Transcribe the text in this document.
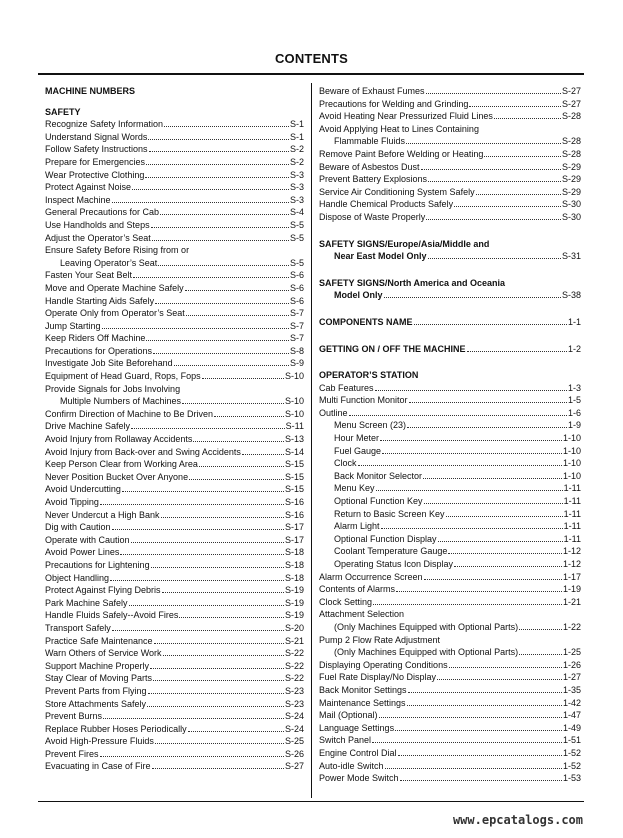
CONTENTS
MACHINE NUMBERS
SAFETY
Recognize Safety Information	S-1
Understand Signal Words	S-1
Follow Safety Instructions	S-2
Prepare for Emergencies	S-2
Wear Protective Clothing	S-3
Protect Against Noise	S-3
Inspect Machine	S-3
General Precautions for Cab	S-4
Use Handholds and Steps	S-5
Adjust the Operator’s Seat	S-5
Ensure Safety Before Rising from or
Leaving Operator’s Seat	S-5
Fasten Your Seat Belt	S-6
Move and Operate Machine Safely	S-6
Handle Starting Aids Safely	S-6
Operate Only from Operator’s Seat	S-7
Jump Starting	S-7
Keep Riders Off Machine	S-7
Precautions for Operations	S-8
Investigate Job Site Beforehand	S-9
Equipment of Head Guard, Rops, Fops	S-10
Provide Signals for Jobs Involving
Multiple Numbers of Machines	S-10
Confirm Direction of Machine to Be Driven	S-10
Drive Machine Safely	S-11
Avoid Injury from Rollaway Accidents	S-13
Avoid Injury from Back-over and Swing Accidents	S-14
Keep Person Clear from Working Area	S-15
Never Position Bucket Over Anyone	S-15
Avoid Undercutting	S-15
Avoid Tipping	S-16
Never Undercut a High Bank	S-16
Dig with Caution	S-17
Operate with Caution	S-17
Avoid Power Lines	S-18
Precautions for Lightening	S-18
Object Handling	S-18
Protect Against Flying Debris	S-19
Park Machine Safely	S-19
Handle Fluids Safely--Avoid Fires	S-19
Transport Safely	S-20
Practice Safe Maintenance	S-21
Warn Others of Service Work	S-22
Support Machine Properly	S-22
Stay Clear of Moving Parts	S-22
Prevent Parts from Flying	S-23
Store Attachments Safely	S-23
Prevent Burns	S-24
Replace Rubber Hoses Periodically	S-24
Avoid High-Pressure Fluids	S-25
Prevent Fires	S-26
Evacuating in Case of Fire	S-27
Beware of Exhaust Fumes	S-27
Precautions for Welding and Grinding	S-27
Avoid Heating Near Pressurized Fluid Lines	S-28
Avoid Applying Heat to Lines Containing
Flammable Fluids	S-28
Remove Paint Before Welding or Heating	S-28
Beware of Asbestos Dust	S-29
Prevent Battery Explosions	S-29
Service Air Conditioning System Safely	S-29
Handle Chemical Products Safely	S-30
Dispose of Waste Properly	S-30
SAFETY SIGNS/Europe/Asia/Middle and
Near East Model Only	S-31
SAFETY SIGNS/North America and Oceania
Model Only	S-38
COMPONENTS NAME	1-1
GETTING ON / OFF THE MACHINE	1-2
OPERATOR’S STATION
Cab Features	1-3
Multi Function Monitor	1-5
Outline	1-6
Menu Screen (23)	1-9
Hour Meter	1-10
Fuel Gauge	1-10
Clock	1-10
Back Monitor Selector	1-10
Menu Key	1-11
Optional Function Key	1-11
Return to Basic Screen Key	1-11
Alarm Light	1-11
Optional Function Display	1-11
Coolant Temperature Gauge	1-12
Operating Status Icon Display	1-12
Alarm Occurrence Screen	1-17
Contents of Alarms	1-19
Clock Setting	1-21
Attachment Selection
(Only Machines Equipped with Optional Parts)	1-22
Pump 2 Flow Rate Adjustment
(Only Machines Equipped with Optional Parts)	1-25
Displaying Operating Conditions	1-26
Fuel Rate Display/No Display	1-27
Back Monitor Settings	1-35
Maintenance Settings	1-42
Mail (Optional)	1-47
Language Settings	1-49
Switch Panel	1-51
Engine Control Dial	1-52
Auto-idle Switch	1-52
Power Mode Switch	1-53
www.epcatalogs.com
